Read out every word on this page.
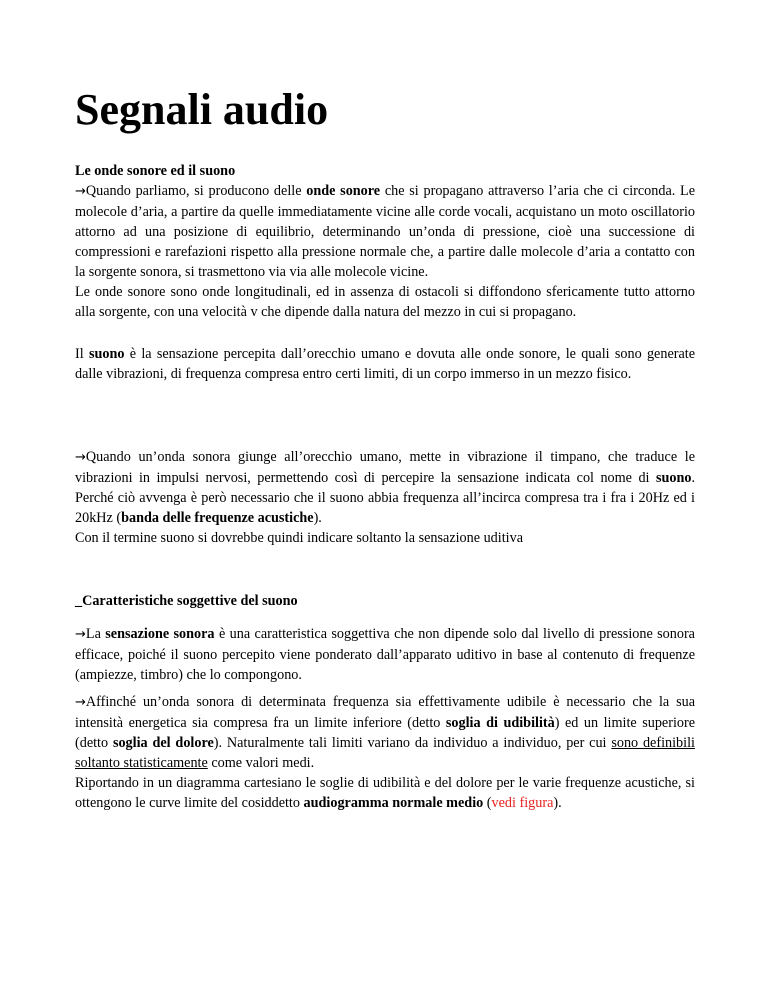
Segnali audio

Le onde sonore ed il suono

→Quando parliamo, si producono delle onde sonore che si propagano attraverso l’aria che ci circonda. Le molecole d’aria, a partire da quelle immediatamente vicine alle corde vocali, acquistano un moto oscillatorio attorno ad una posizione di equilibrio, determinando un’onda di pressione, cioè una successione di compressioni e rarefazioni rispetto alla pressione normale che, a partire dalle molecole d’aria a contatto con la sorgente sonora, si trasmettono via via alle molecole vicine.

Le onde sonore sono onde longitudinali, ed in assenza di ostacoli si diffondono sfericamente tutto attorno alla sorgente, con una velocità v che dipende dalla natura del mezzo in cui si propagano.

Il suono è la sensazione percepita dall’orecchio umano e dovuta alle onde sonore, le quali sono generate dalle vibrazioni, di frequenza compresa entro certi limiti, di un corpo immerso in un mezzo fisico.

→Quando un’onda sonora giunge all’orecchio umano, mette in vibrazione il timpano, che traduce le vibrazioni in impulsi nervosi, permettendo così di percepire la sensazione indicata col nome di suono. Perché ciò avvenga è però necessario che il suono abbia frequenza all’incirca compresa tra i fra i 20Hz ed i 20kHz (banda delle frequenze acustiche).

Con il termine suono si dovrebbe quindi indicare soltanto la sensazione uditiva

_Caratteristiche soggettive del suono

→La sensazione sonora è una caratteristica soggettiva che non dipende solo dal livello di pressione sonora efficace, poiché il suono percepito viene ponderato dall’apparato uditivo in base al contenuto di frequenze (ampiezze, timbro) che lo compongono.

→Affinché un’onda sonora di determinata frequenza sia effettivamente udibile è necessario che la sua intensità energetica sia compresa fra un limite inferiore (detto soglia di udibilità) ed un limite superiore (detto soglia del dolore). Naturalmente tali limiti variano da individuo a individuo, per cui sono definibili soltanto statisticamente come valori medi.

Riportando in un diagramma cartesiano le soglie di udibilità e del dolore per le varie frequenze acustiche, si ottengono le curve limite del cosiddetto audiogramma normale medio (vedi figura).
